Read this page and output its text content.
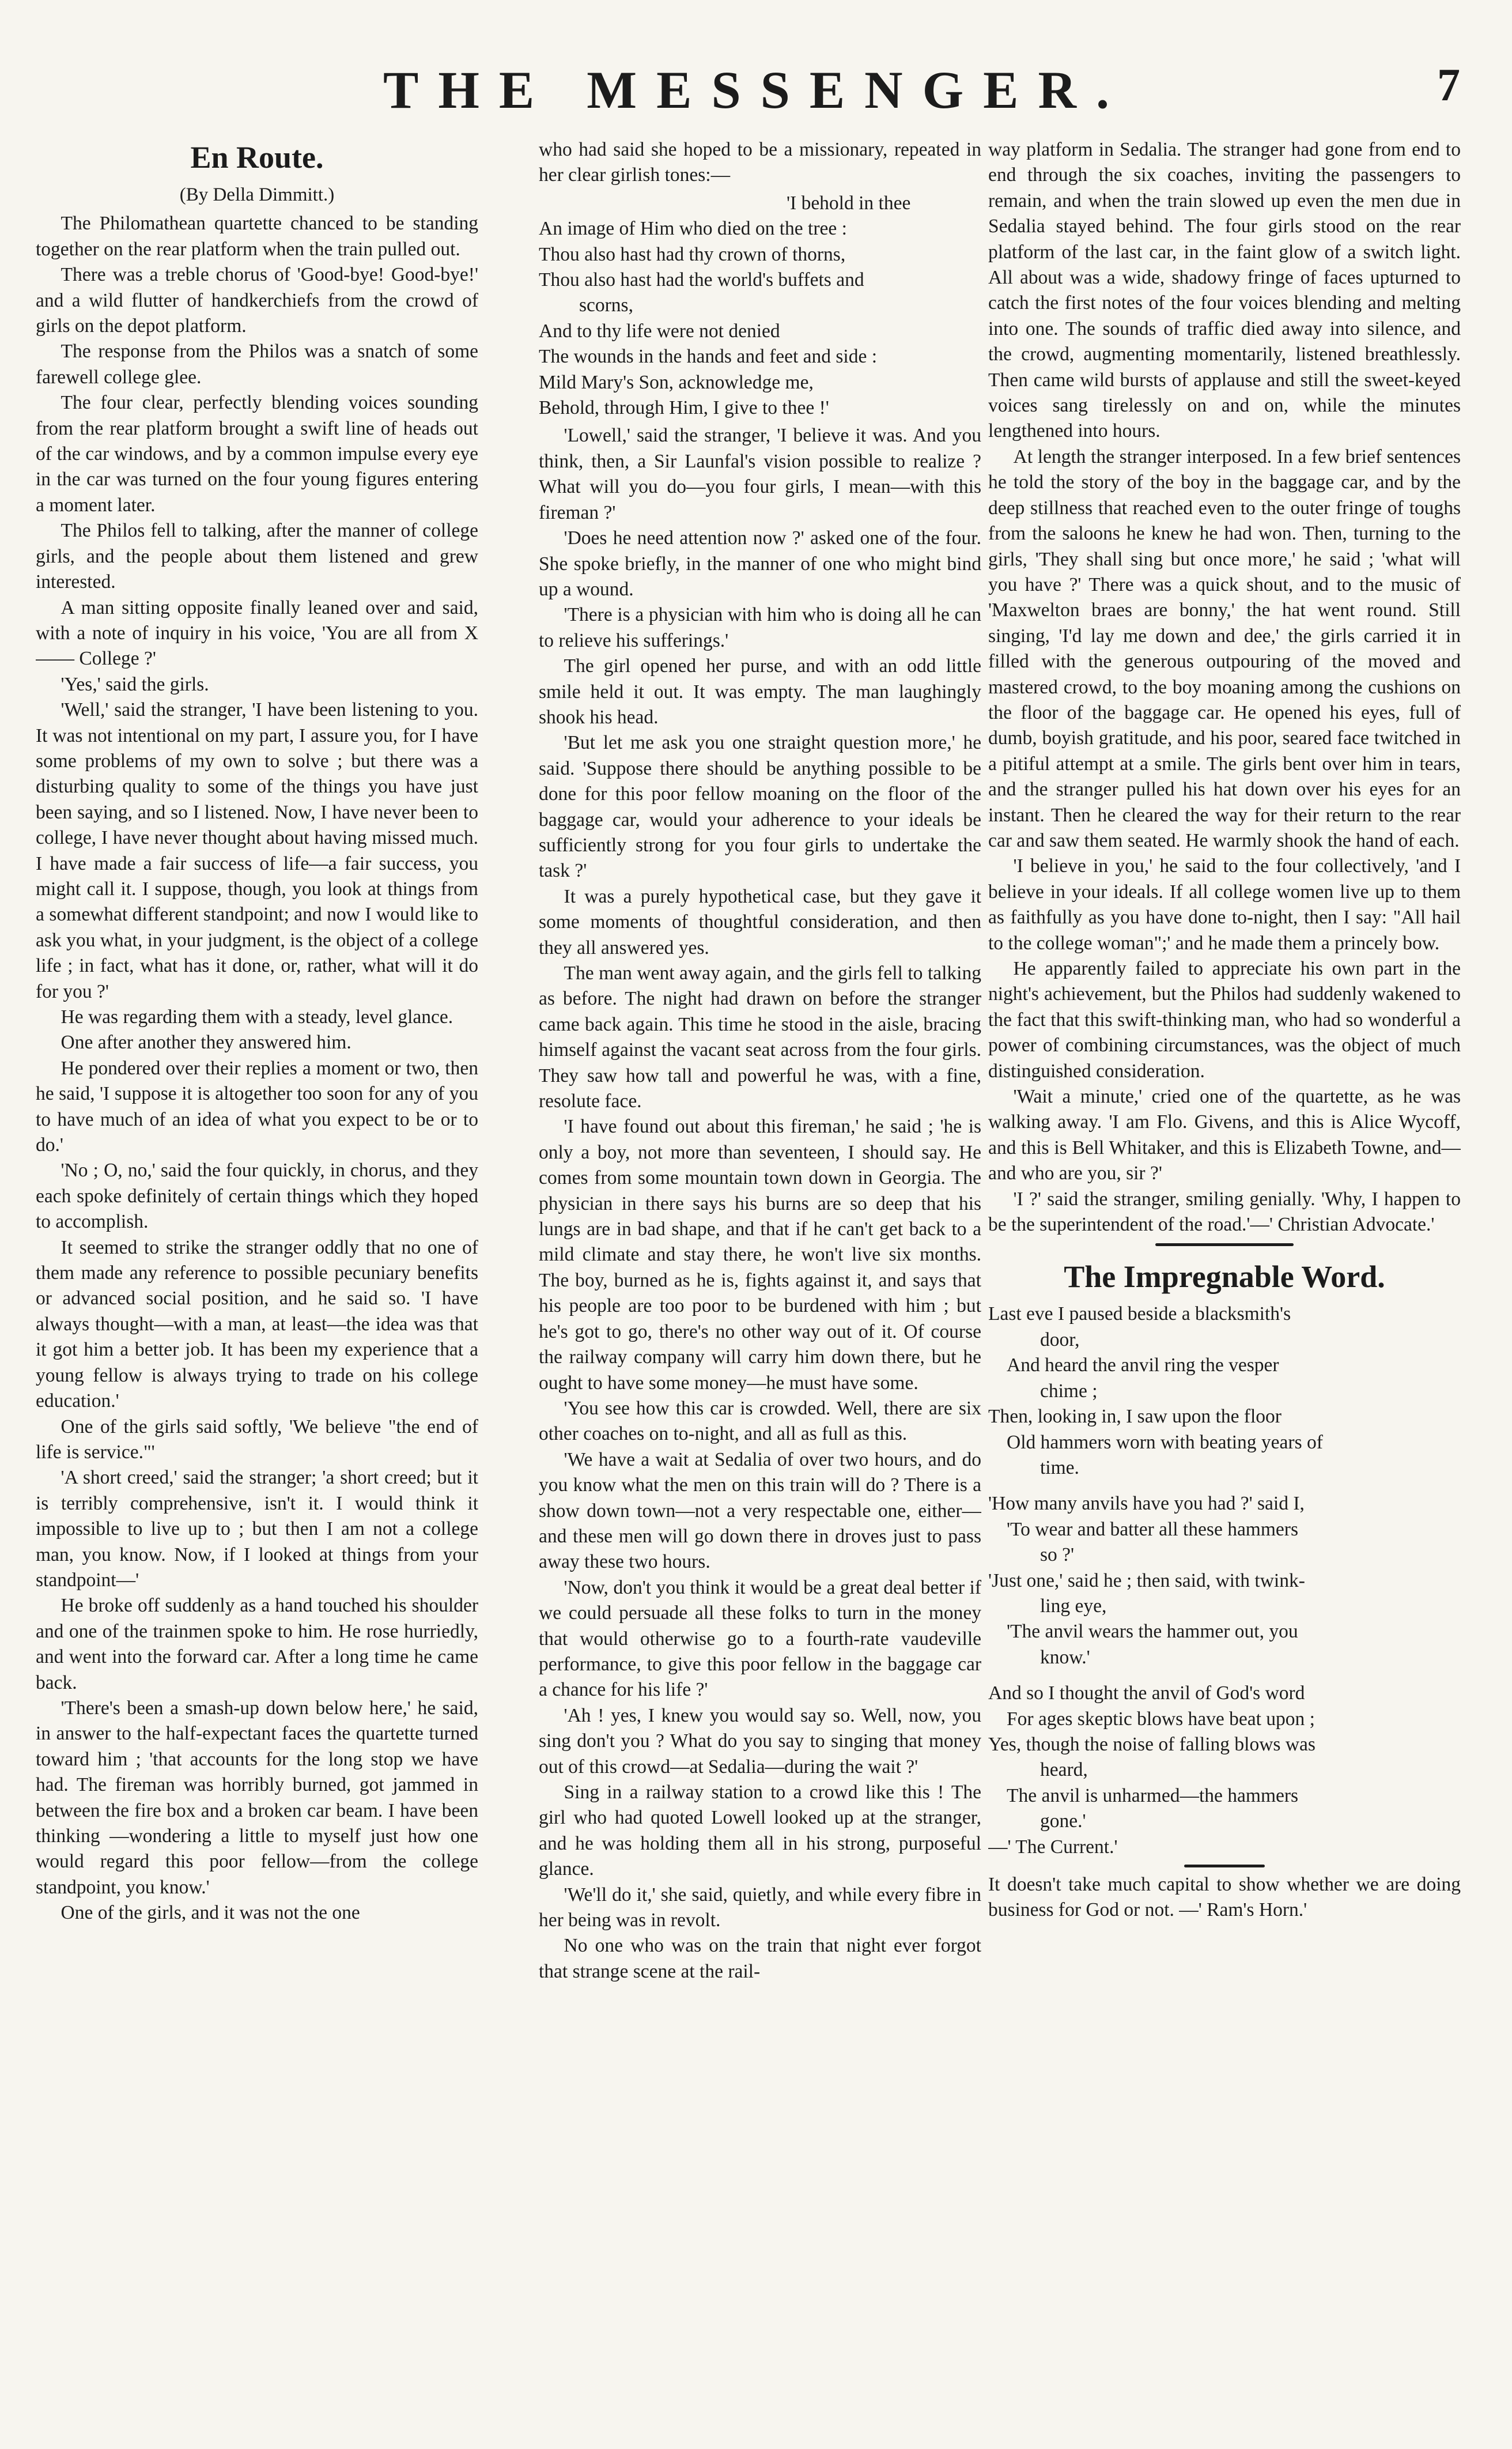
THE MESSENGER.	7
En Route.
(By Della Dimmitt.)

The Philomathean quartette chanced to be standing together on the rear platform when the train pulled out.

There was a treble chorus of 'Good-bye! Good-bye!' and a wild flutter of handkerchiefs from the crowd of girls on the depot platform.

The response from the Philos was a snatch of some farewell college glee.

The four clear, perfectly blending voices sounding from the rear platform brought a swift line of heads out of the car windows, and by a common impulse every eye in the car was turned on the four young figures entering a moment later.

The Philos fell to talking, after the manner of college girls, and the people about them listened and grew interested.

A man sitting opposite finally leaned over and said, with a note of inquiry in his voice, 'You are all from X—— College ?'

'Yes,' said the girls.

'Well,' said the stranger, 'I have been listening to you. It was not intentional on my part, I assure you, for I have some problems of my own to solve ; but there was a disturbing quality to some of the things you have just been saying, and so I listened. Now, I have never been to college, I have never thought about having missed much. I have made a fair success of life—a fair success, you might call it. I suppose, though, you look at things from a somewhat different standpoint; and now I would like to ask you what, in your judgment, is the object of a college life ; in fact, what has it done, or, rather, what will it do for you ?'

He was regarding them with a steady, level glance.

One after another they answered him.

He pondered over their replies a moment or two, then he said, 'I suppose it is altogether too soon for any of you to have much of an idea of what you expect to be or to do.'

'No ; O, no,' said the four quickly, in chorus, and they each spoke definitely of certain things which they hoped to accomplish.

It seemed to strike the stranger oddly that no one of them made any reference to possible pecuniary benefits or advanced social position, and he said so. 'I have always thought—with a man, at least—the idea was that it got him a better job. It has been my experience that a young fellow is always trying to trade on his college education.'

One of the girls said softly, 'We believe "the end of life is service."'

'A short creed,' said the stranger; 'a short creed; but it is terribly comprehensive, isn't it. I would think it impossible to live up to ; but then I am not a college man, you know. Now, if I looked at things from your standpoint—'

He broke off suddenly as a hand touched his shoulder and one of the trainmen spoke to him. He rose hurriedly, and went into the forward car. After a long time he came back.

'There's been a smash-up down below here,' he said, in answer to the half-expectant faces the quartette turned toward him ; 'that accounts for the long stop we have had. The fireman was horribly burned, got jammed in between the fire box and a broken car beam. I have been thinking —wondering a little to myself just how one would regard this poor fellow—from the college standpoint, you know.'

One of the girls, and it was not the one

who had said she hoped to be a missionary, repeated in her clear girlish tones:—

'I behold in thee
An image of Him who died on the tree :
Thou also hast had thy crown of thorns,
Thou also hast had the world's buffets and
scorns,
And to thy life were not denied
The wounds in the hands and feet and side :
Mild Mary's Son, acknowledge me,
Behold, through Him, I give to thee !'

'Lowell,' said the stranger, 'I believe it was. And you think, then, a Sir Launfal's vision possible to realize ? What will you do—you four girls, I mean—with this fireman ?'

'Does he need attention now ?' asked one of the four. She spoke briefly, in the manner of one who might bind up a wound.

'There is a physician with him who is doing all he can to relieve his sufferings.'

The girl opened her purse, and with an odd little smile held it out. It was empty. The man laughingly shook his head.

'But let me ask you one straight question more,' he said. 'Suppose there should be anything possible to be done for this poor fellow moaning on the floor of the baggage car, would your adherence to your ideals be sufficiently strong for you four girls to undertake the task ?'

It was a purely hypothetical case, but they gave it some moments of thoughtful consideration, and then they all answered yes.

The man went away again, and the girls fell to talking as before. The night had drawn on before the stranger came back again. This time he stood in the aisle, bracing himself against the vacant seat across from the four girls. They saw how tall and powerful he was, with a fine, resolute face.

'I have found out about this fireman,' he said ; 'he is only a boy, not more than seventeen, I should say. He comes from some mountain town down in Georgia. The physician in there says his burns are so deep that his lungs are in bad shape, and that if he can't get back to a mild climate and stay there, he won't live six months. The boy, burned as he is, fights against it, and says that his people are too poor to be burdened with him ; but he's got to go, there's no other way out of it. Of course the railway company will carry him down there, but he ought to have some money—he must have some.

'You see how this car is crowded. Well, there are six other coaches on to-night, and all as full as this.

'We have a wait at Sedalia of over two hours, and do you know what the men on this train will do ? There is a show down town—not a very respectable one, either—and these men will go down there in droves just to pass away these two hours.

'Now, don't you think it would be a great deal better if we could persuade all these folks to turn in the money that would otherwise go to a fourth-rate vaudeville performance, to give this poor fellow in the baggage car a chance for his life ?'

'Ah ! yes, I knew you would say so. Well, now, you sing don't you ? What do you say to singing that money out of this crowd—at Sedalia—during the wait ?'

Sing in a railway station to a crowd like this ! The girl who had quoted Lowell looked up at the stranger, and he was holding them all in his strong, purposeful glance.

'We'll do it,' she said, quietly, and while every fibre in her being was in revolt.

No one who was on the train that night ever forgot that strange scene at the rail-

way platform in Sedalia. The stranger had gone from end to end through the six coaches, inviting the passengers to remain, and when the train slowed up even the men due in Sedalia stayed behind. The four girls stood on the rear platform of the last car, in the faint glow of a switch light. All about was a wide, shadowy fringe of faces upturned to catch the first notes of the four voices blending and melting into one. The sounds of traffic died away into silence, and the crowd, augmenting momentarily, listened breathlessly. Then came wild bursts of applause and still the sweet-keyed voices sang tirelessly on and on, while the minutes lengthened into hours.

At length the stranger interposed. In a few brief sentences he told the story of the boy in the baggage car, and by the deep stillness that reached even to the outer fringe of toughs from the saloons he knew he had won. Then, turning to the girls, 'They shall sing but once more,' he said ; 'what will you have ?' There was a quick shout, and to the music of 'Maxwelton braes are bonny,' the hat went round. Still singing, 'I'd lay me down and dee,' the girls carried it in filled with the generous outpouring of the moved and mastered crowd, to the boy moaning among the cushions on the floor of the baggage car. He opened his eyes, full of dumb, boyish gratitude, and his poor, seared face twitched in a pitiful attempt at a smile. The girls bent over him in tears, and the stranger pulled his hat down over his eyes for an instant. Then he cleared the way for their return to the rear car and saw them seated. He warmly shook the hand of each.

'I believe in you,' he said to the four collectively, 'and I believe in your ideals. If all college women live up to them as faithfully as you have done to-night, then I say: "All hail to the college woman";' and he made them a princely bow.

He apparently failed to appreciate his own part in the night's achievement, but the Philos had suddenly wakened to the fact that this swift-thinking man, who had so wonderful a power of combining circumstances, was the object of much distinguished consideration.

'Wait a minute,' cried one of the quartette, as he was walking away. 'I am Flo. Givens, and this is Alice Wycoff, and this is Bell Whitaker, and this is Elizabeth Towne, and—and who are you, sir ?'

'I ?' said the stranger, smiling genially. 'Why, I happen to be the superintendent of the road.'—' Christian Advocate.'

The Impregnable Word.
Last eve I paused beside a blacksmith's
door,
And heard the anvil ring the vesper
chime ;
Then, looking in, I saw upon the floor
Old hammers worn with beating years of
time.
'How many anvils have you had ?' said I,
'To wear and batter all these hammers
so ?'
'Just one,' said he ; then said, with twink-
ling eye,
'The anvil wears the hammer out, you
know.'
And so I thought the anvil of God's word
For ages skeptic blows have beat upon ;
Yes, though the noise of falling blows was
heard,
The anvil is unharmed—the hammers
gone.'
—' The Current.'

It doesn't take much capital to show whether we are doing business for God or not. —' Ram's Horn.'
